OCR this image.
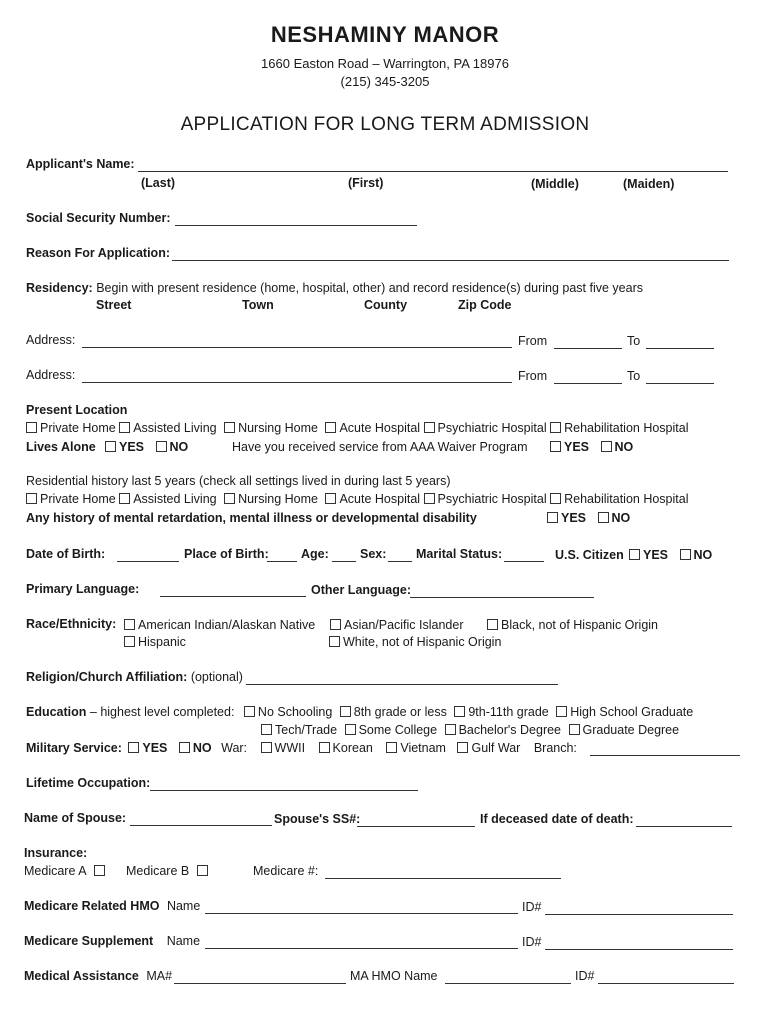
NESHAMINY MANOR
1660 Easton Road – Warrington, PA 18976
(215) 345-3205
APPLICATION FOR LONG TERM ADMISSION
Applicant's Name:
(Last)	(First)	(Middle)	(Maiden)
Social Security Number:
Reason For Application:
Residency: Begin with present residence (home, hospital, other) and record residence(s) during past five years
Street	Town	County	Zip Code
Address:	From	To
Address:	From	To
Present Location
Private Home Assisted Living Nursing Home Acute Hospital Psychiatric Hospital Rehabilitation Hospital
Lives Alone	YES NO	Have you received service from AAA Waiver Program	YES NO
Residential history last 5 years (check all settings lived in during last 5 years)
Private Home Assisted Living Nursing Home Acute Hospital Psychiatric Hospital Rehabilitation Hospital
Any history of mental retardation, mental illness or developmental disability	YES NO
Date of Birth:	Place of Birth:	Age: Sex: Marital Status:	U.S. Citizen	YES NO
Primary Language:	Other Language:
Race/Ethnicity:	American Indian/Alaskan Native	Asian/Pacific Islander	Black, not of Hispanic Origin
Hispanic	White, not of Hispanic Origin
Religion/Church Affiliation: (optional)
Education – highest level completed: No Schooling 8th grade or less 9th-11th grade High School Graduate
Tech/Trade Some College Bachelor's Degree Graduate Degree
Military Service: YES NO War: WWII Korean Vietnam Gulf War Branch:
Lifetime Occupation:
Name of Spouse:	Spouse's SS#:	If deceased date of death:
Insurance:
Medicare A	Medicare B	Medicare #:
Medicare Related HMO Name	ID#
Medicare Supplement Name	ID#
Medical Assistance MA#	MA HMO Name	ID#
